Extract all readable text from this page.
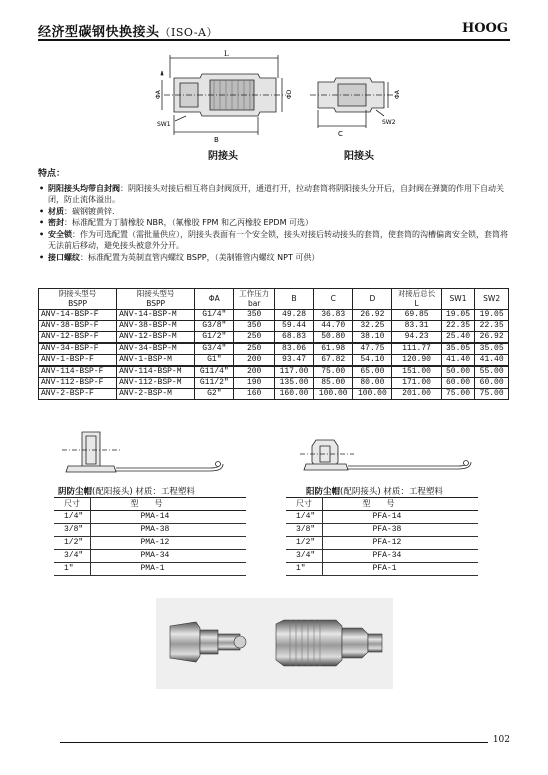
经济型碳钢快换接头（ISO-A）	HOOG
L
ΦA	ΦD
SW1
B
ΦA
SW2
C
阴接头	阳接头
特点：
• 阴阳接头均带自封阀：阴阳接头对接后相互将自封阀顶开，通道打开，拉动套筒将阴阳接头分开后，自封阀在弹簧的作用下自动关闭，防止流体溢出。
• 材质：碳钢镀黄锌.
• 密封：标准配置为丁腈橡胶 NBR，（氟橡胶 FPM 和乙丙橡胶 EPDM 可选）
• 安全锁：作为可选配置（需批量供应），阴接头表面有一个安全锁，接头对接后转动接头的套筒，使套筒的沟槽偏离安全锁，套筒将无法前后移动，避免接头被意外分开。
• 接口螺纹：标准配置为英制直管内螺纹 BSPP，（美制锥管内螺纹 NPT 可供）
阴接头型号
BSPP	阳接头型号
BSPP	ΦA	工作压力
bar	B	C	D	对接后总长
L	SW1	SW2
ANV-14-BSP-F	ANV-14-BSP-M	G1/4″	350	49.28	36.83	26.92	69.85	19.05	19.05
ANV-38-BSP-F	ANV-38-BSP-M	G3/8″	350	59.44	44.70	32.25	83.31	22.35	22.35
ANV-12-BSP-F	ANV-12-BSP-M	G1/2″	250	68.83	50.80	38.10	94.23	25.40	26.92
ANV-34-BSP-F	ANV-34-BSP-M	G3/4″	250	83.06	61.98	47.75	111.77	35.05	35.05
ANV-1-BSP-F	ANV-1-BSP-M	G1″	200	93.47	67.82	54.10	120.90	41.40	41.40
ANV-114-BSP-F	ANV-114-BSP-M	G11/4″	200	117.00	75.00	65.00	151.00	50.00	55.00
ANV-112-BSP-F	ANV-112-BSP-M	G11/2″	190	135.00	85.00	80.00	171.00	60.00	60.00
ANV-2-BSP-F	ANV-2-BSP-M	G2″	160	160.00	100.00	100.00	201.00	75.00	75.00
阴防尘帽(配阳接头) 材质：工程塑料
尺寸	型　　号
1/4″	PMA-14
3/8″	PMA-38
1/2″	PMA-12
3/4″	PMA-34
1″	PMA-1
阳防尘帽(配阴接头) 材质：工程塑料
尺寸	型　　号
1/4″	PFA-14
3/8″	PFA-38
1/2″	PFA-12
3/4″	PFA-34
1″	PFA-1
102
